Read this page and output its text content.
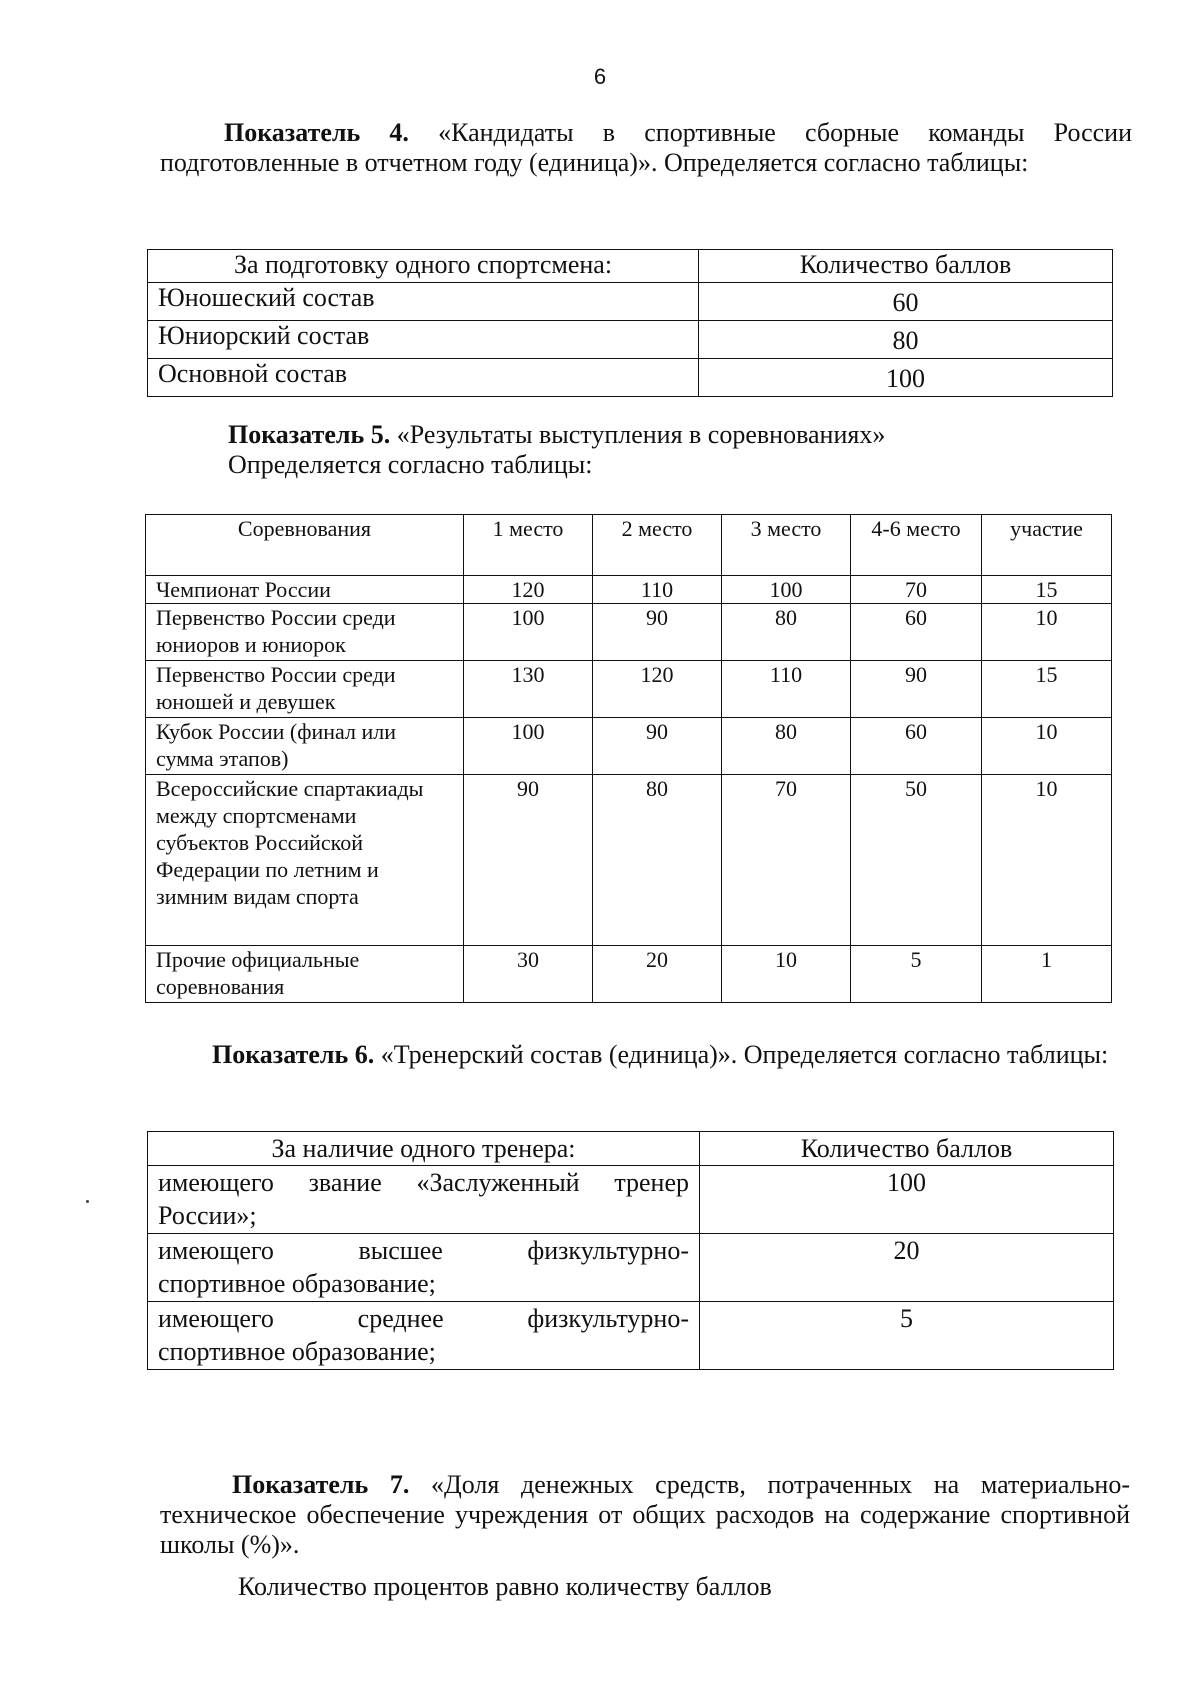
6
Показатель 4. «Кандидаты в спортивные сборные команды России подготовленные в отчетном году (единица)». Определяется согласно таблицы:
За подготовку одного спортсмена:	Количество баллов
Юношеский состав	60
Юниорский состав	80
Основной состав	100
Показатель 5. «Результаты выступления в соревнованиях»
Определяется согласно таблицы:
Соревнования	1 место	2 место	3 место	4-6 место	участие
Чемпионат России	120	110	100	70	15
Первенство России среди юниоров и юниорок	100	90	80	60	10
Первенство России среди юношей и девушек	130	120	110	90	15
Кубок России (финал или сумма этапов)	100	90	80	60	10
Всероссийские спартакиады между спортсменами субъектов Российской Федерации по летним и зимним видам спорта	90	80	70	50	10
Прочие официальные соревнования	30	20	10	5	1
Показатель 6. «Тренерский состав (единица)». Определяется согласно таблицы:
За наличие одного тренера:	Количество баллов
имеющего звание «Заслуженный тренер
России»;	100
имеющего высшее физкультурно-
спортивное образование;	20
имеющего среднее физкультурно-
спортивное образование;	5
Показатель 7. «Доля денежных средств, потраченных на материально-техническое обеспечение учреждения от общих расходов на содержание спортивной школы (%)».
Количество процентов равно количеству баллов
